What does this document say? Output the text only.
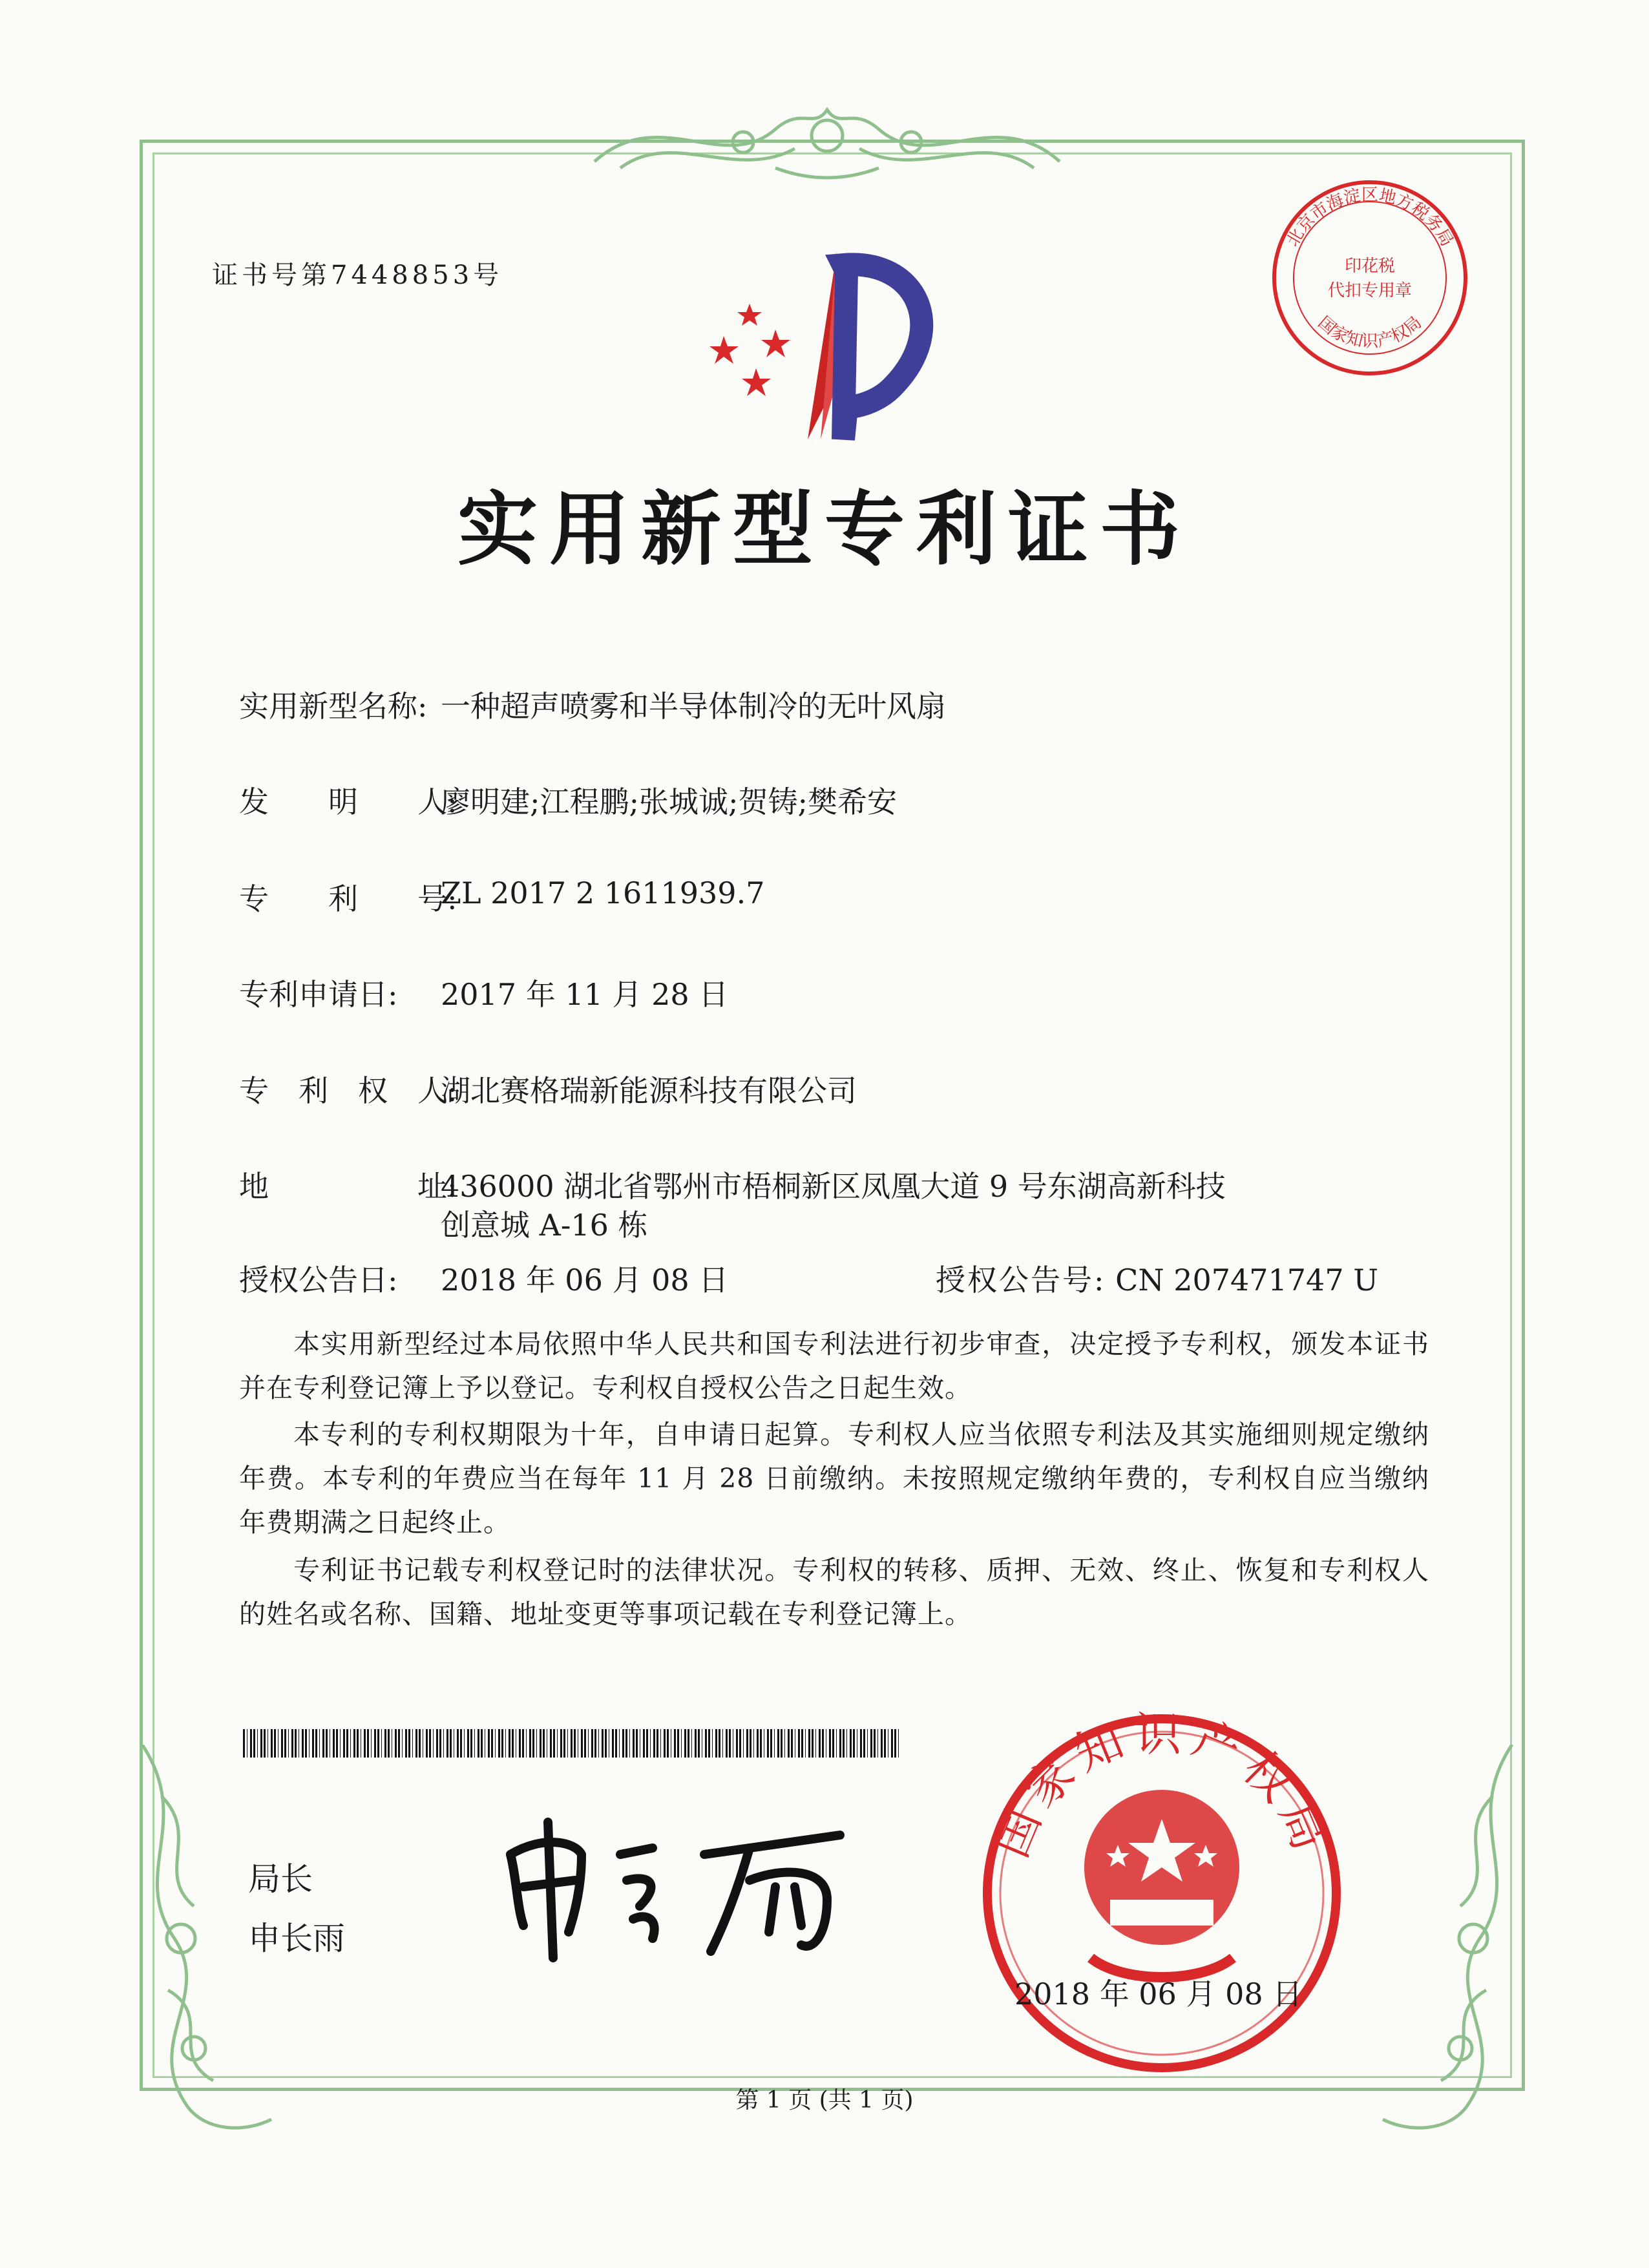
证书号第7448853号
实用新型专利证书
实用新型名称: 一种超声喷雾和半导体制冷的无叶风扇
发　　明　　人:廖明建;江程鹏;张城诚;贺铸;樊希安
专　　利　　号:ZL 2017 2 1611939.7
专利申请日: 2017 年 11 月 28 日
专　利　权　人:湖北赛格瑞新能源科技有限公司
地　　　　　址:436000 湖北省鄂州市梧桐新区凤凰大道 9 号东湖高新科技
创意城 A-16 栋
授权公告日: 2018 年 06 月 08 日	授权公告号: CN 207471747 U
本实用新型经过本局依照中华人民共和国专利法进行初步审查，决定授予专利权，颁发本证书并在专利登记簿上予以登记。专利权自授权公告之日起生效。
本专利的专利权期限为十年，自申请日起算。专利权人应当依照专利法及其实施细则规定缴纳年费。本专利的年费应当在每年 11 月 28 日前缴纳。未按照规定缴纳年费的，专利权自应当缴纳年费期满之日起终止。
专利证书记载专利权登记时的法律状况。专利权的转移、质押、无效、终止、恢复和专利权人的姓名或名称、国籍、地址变更等事项记载在专利登记簿上。
局长
申长雨
国家知识产权局
2018 年 06 月 08 日
北京市海淀区地方税务局
印花税
代扣专用章
国家知识产权局
第 1 页 (共 1 页)
